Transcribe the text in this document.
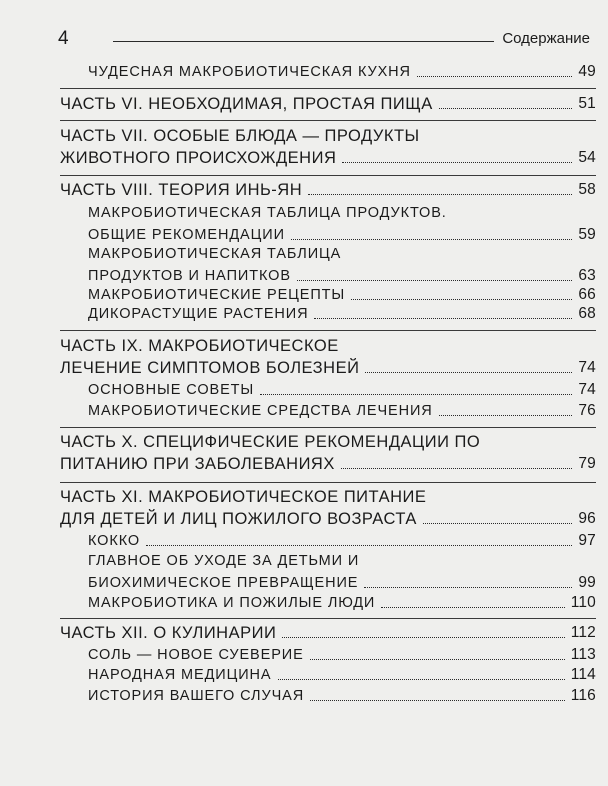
4	Содержание
ЧУДЕСНАЯ МАКРОБИОТИЧЕСКАЯ КУХНЯ	49
ЧАСТЬ VI. НЕОБХОДИМАЯ, ПРОСТАЯ ПИЩА	51
ЧАСТЬ VII. ОСОБЫЕ БЛЮДА — ПРОДУКТЫ
ЖИВОТНОГО ПРОИСХОЖДЕНИЯ	54
ЧАСТЬ VIII. ТЕОРИЯ ИНЬ-ЯН	58
МАКРОБИОТИЧЕСКАЯ ТАБЛИЦА ПРОДУКТОВ.
ОБЩИЕ РЕКОМЕНДАЦИИ	59
МАКРОБИОТИЧЕСКАЯ ТАБЛИЦА
ПРОДУКТОВ И НАПИТКОВ	63
МАКРОБИОТИЧЕСКИЕ РЕЦЕПТЫ	66
ДИКОРАСТУЩИЕ РАСТЕНИЯ	68
ЧАСТЬ IX. МАКРОБИОТИЧЕСКОЕ
ЛЕЧЕНИЕ СИМПТОМОВ БОЛЕЗНЕЙ	74
ОСНОВНЫЕ СОВЕТЫ	74
МАКРОБИОТИЧЕСКИЕ СРЕДСТВА ЛЕЧЕНИЯ	76
ЧАСТЬ X. СПЕЦИФИЧЕСКИЕ РЕКОМЕНДАЦИИ ПО
ПИТАНИЮ ПРИ ЗАБОЛЕВАНИЯХ	79
ЧАСТЬ XI. МАКРОБИОТИЧЕСКОЕ ПИТАНИЕ
ДЛЯ ДЕТЕЙ И ЛИЦ ПОЖИЛОГО ВОЗРАСТА	96
КОККО	97
ГЛАВНОЕ ОБ УХОДЕ ЗА ДЕТЬМИ И
БИОХИМИЧЕСКОЕ ПРЕВРАЩЕНИЕ	99
МАКРОБИОТИКА И ПОЖИЛЫЕ ЛЮДИ	110
ЧАСТЬ XII. О КУЛИНАРИИ	112
СОЛЬ — НОВОЕ СУЕВЕРИЕ	113
НАРОДНАЯ МЕДИЦИНА	114
ИСТОРИЯ ВАШЕГО СЛУЧАЯ	116
